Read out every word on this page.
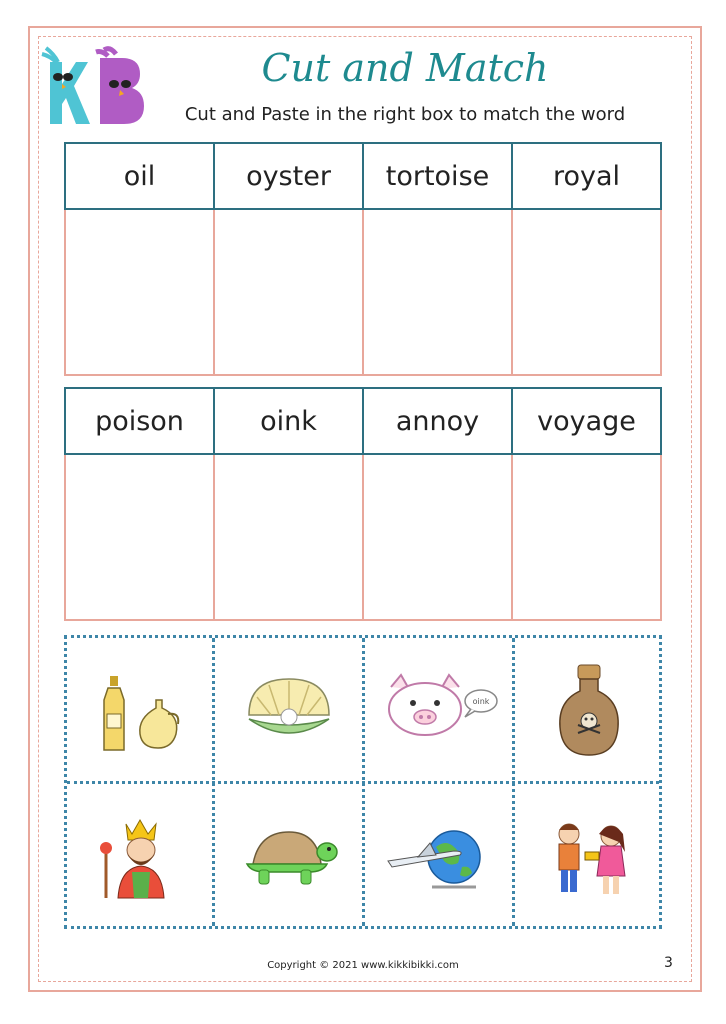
Cut and Match
Cut and Paste in the right box to match the word
oil	oyster	tortoise	royal

poison	oink	annoy	voyage

oink
Copyright © 2021 www.kikkibikki.com	3
